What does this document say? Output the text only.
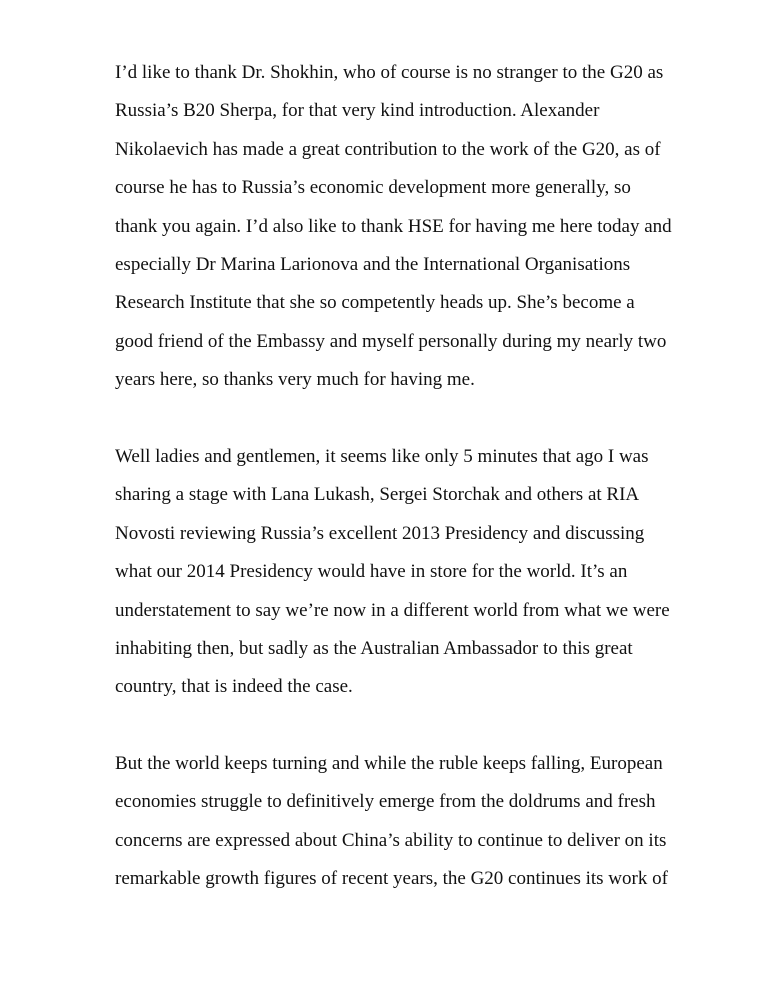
I’d like to thank Dr. Shokhin, who of course is no stranger to the G20 as
Russia’s B20 Sherpa, for that very kind introduction. Alexander
Nikolaevich has made a great contribution to the work of the G20, as of
course he has to Russia’s economic development more generally, so
thank you again. I’d also like to thank HSE for having me here today and
especially Dr Marina Larionova and the International Organisations
Research Institute that she so competently heads up. She’s become a
good friend of the Embassy and myself personally during my nearly two
years here, so thanks very much for having me.
Well ladies and gentlemen, it seems like only 5 minutes that ago I was
sharing a stage with Lana Lukash, Sergei Storchak and others at RIA
Novosti reviewing Russia’s excellent 2013 Presidency and discussing
what our 2014 Presidency would have in store for the world. It’s an
understatement to say we’re now in a different world from what we were
inhabiting then, but sadly as the Australian Ambassador to this great
country, that is indeed the case.
But the world keeps turning and while the ruble keeps falling, European
economies struggle to definitively emerge from the doldrums and fresh
concerns are expressed about China’s ability to continue to deliver on its
remarkable growth figures of recent years, the G20 continues its work of
